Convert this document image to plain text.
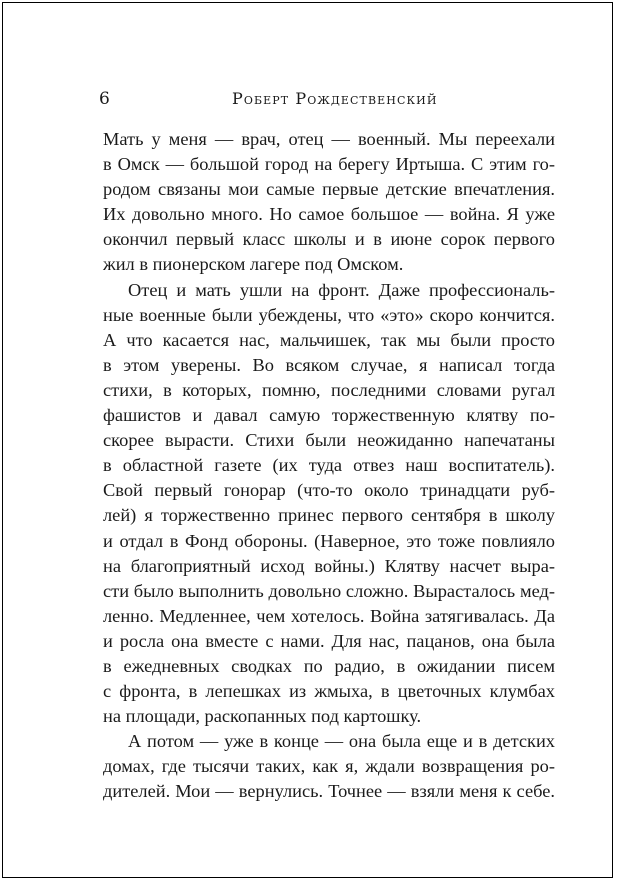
6	Роберт Рождественский
Мать у меня — врач, отец — военный. Мы переехали
в Омск — большой город на берегу Иртыша. С этим го-
родом связаны мои самые первые детские впечатления.
Их довольно много. Но самое большое — война. Я уже
окончил первый класс школы и в июне сорок первого
жил в пионерском лагере под Омском.
Отец и мать ушли на фронт. Даже профессиональ-
ные военные были убеждены, что «это» скоро кончится.
А что касается нас, мальчишек, так мы были просто
в этом уверены. Во всяком случае, я написал тогда
стихи, в которых, помню, последними словами ругал
фашистов и давал самую торжественную клятву по-
скорее вырасти. Стихи были неожиданно напечатаны
в областной газете (их туда отвез наш воспитатель).
Свой первый гонорар (что-то около тринадцати руб-
лей) я торжественно принес первого сентября в школу
и отдал в Фонд обороны. (Наверное, это тоже повлияло
на благоприятный исход войны.) Клятву насчет выра-
сти было выполнить довольно сложно. Вырасталось мед-
ленно. Медленнее, чем хотелось. Война затягивалась. Да
и росла она вместе с нами. Для нас, пацанов, она была
в ежедневных сводках по радио, в ожидании писем
с фронта, в лепешках из жмыха, в цветочных клумбах
на площади, раскопанных под картошку.
А потом — уже в конце — она была еще и в детских
домах, где тысячи таких, как я, ждали возвращения ро-
дителей. Мои — вернулись. Точнее — взяли меня к себе.
